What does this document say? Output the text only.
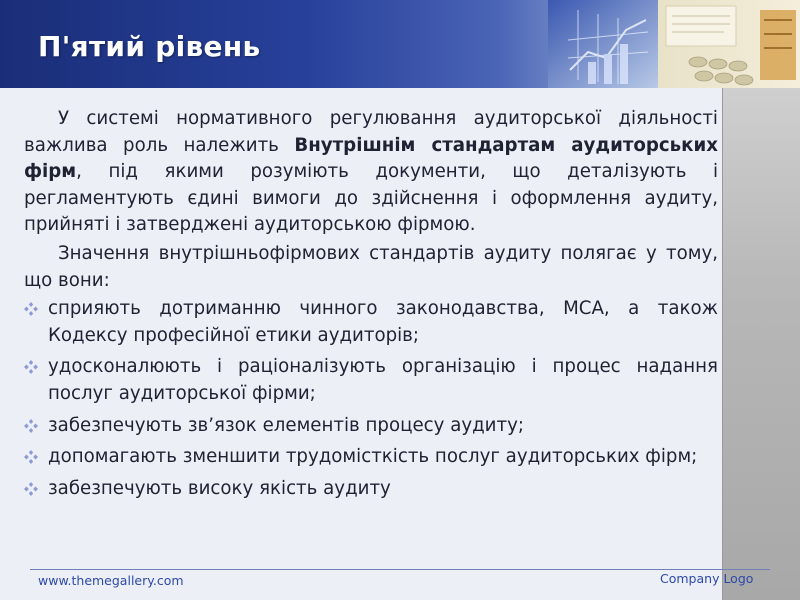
П'ятий рівень

У системі нормативного регулювання аудиторської діяльності важлива роль належить Внутрішнім стандартам аудиторських фірм, під якими розуміють документи, що деталізують і регламентують єдині вимоги до здійснення і оформлення аудиту, прийняті і затверджені аудиторською фірмою.

Значення внутрішньофірмових стандартів аудиту полягає у тому, що вони:

сприяють дотриманню чинного законодавства, МСА, а також Кодексу професійної етики аудиторів;
удосконалюють і раціоналізують організацію і процес надання послуг аудиторської фірми;
забезпечують зв’язок елементів процесу аудиту;
допомагають зменшити трудомісткість послуг аудиторських фірм;
забезпечують високу якість аудиту
www.themegallery.com	Company Logo
